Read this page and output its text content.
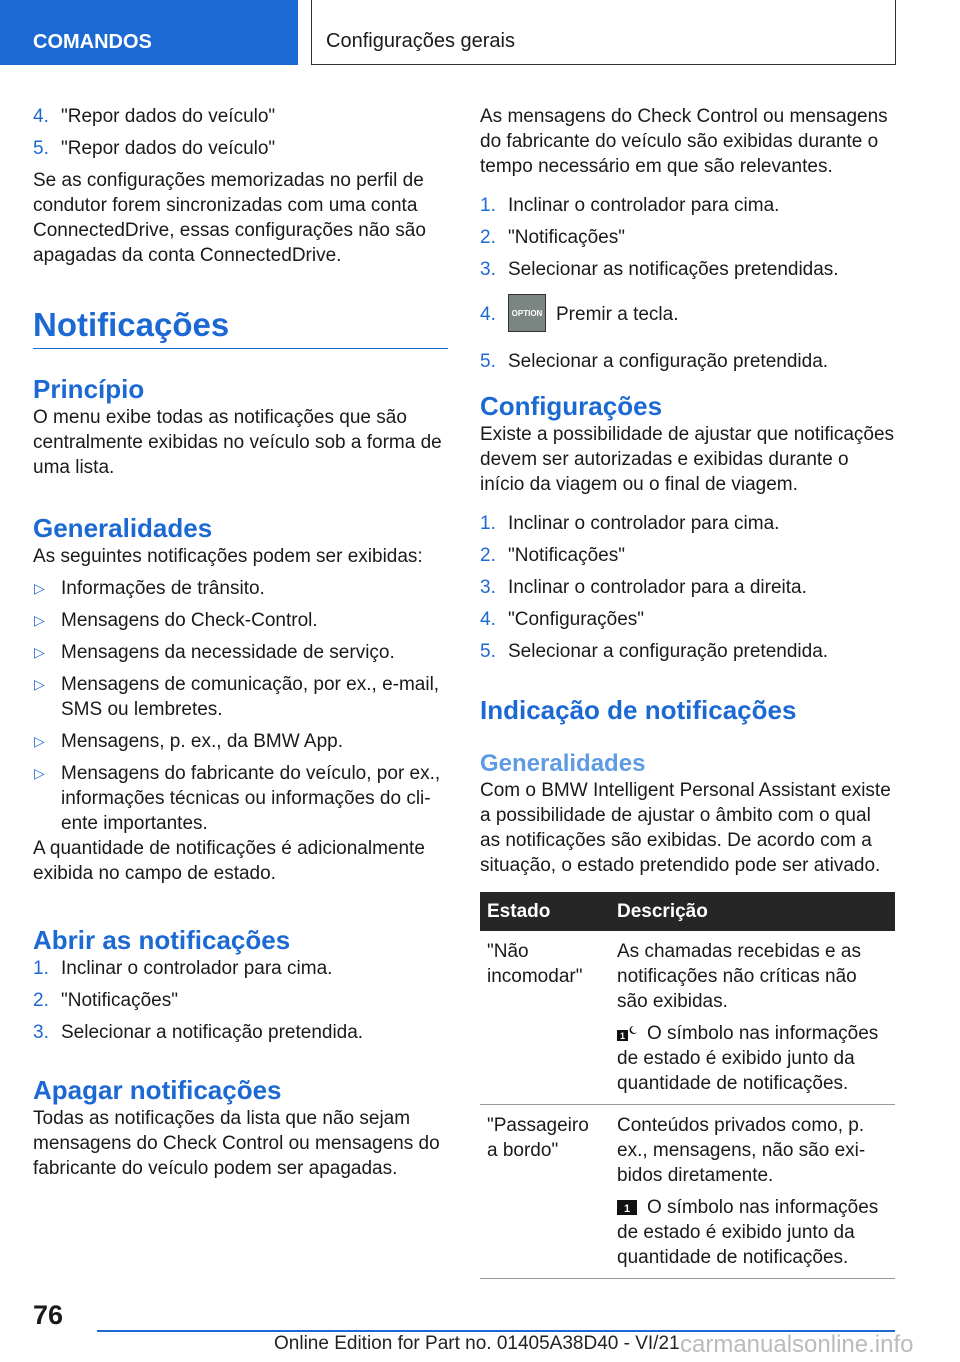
COMANDOS	Configurações gerais
4. "Repor dados do veículo"
5. "Repor dados do veículo"
Se as configurações memorizadas no perfil de condutor forem sincronizadas com uma conta ConnectedDrive, essas configurações não são apagadas da conta ConnectedDrive.
Notificações
Princípio
O menu exibe todas as notificações que são centralmente exibidas no veículo sob a forma de uma lista.
Generalidades
As seguintes notificações podem ser exibidas:
▷ Informações de trânsito.
▷ Mensagens do Check-Control.
▷ Mensagens da necessidade de serviço.
▷ Mensagens de comunicação, por ex., e-mail, SMS ou lembretes.
▷ Mensagens, p. ex., da BMW App.
▷ Mensagens do fabricante do veículo, por ex., informações técnicas ou informações do cliente importantes.
A quantidade de notificações é adicionalmente exibida no campo de estado.
Abrir as notificações
1. Inclinar o controlador para cima.
2. "Notificações"
3. Selecionar a notificação pretendida.
Apagar notificações
Todas as notificações da lista que não sejam mensagens do Check Control ou mensagens do fabricante do veículo podem ser apagadas.
As mensagens do Check Control ou mensagens do fabricante do veículo são exibidas durante o tempo necessário em que são relevantes.
1. Inclinar o controlador para cima.
2. "Notificações"
3. Selecionar as notificações pretendidas.
4. OPTION Premir a tecla.
5. Selecionar a configuração pretendida.
Configurações
Existe a possibilidade de ajustar que notificações devem ser autorizadas e exibidas durante o início da viagem ou o final de viagem.
1. Inclinar o controlador para cima.
2. "Notificações"
3. Inclinar o controlador para a direita.
4. "Configurações"
5. Selecionar a configuração pretendida.
Indicação de notificações
Generalidades
Com o BMW Intelligent Personal Assistant existe a possibilidade de ajustar o âmbito com o qual as notificações são exibidas. De acordo com a situação, o estado pretendido pode ser ativado.
Estado	Descrição
"Não incomodar"	As chamadas recebidas e as notificações não críticas não são exibidas.
1 O símbolo nas informações de estado é exibido junto da quantidade de notificações.

"Passageiro a bordo"	Conteúdos privados como, p. ex., mensagens, não são exibidos diretamente.
1 O símbolo nas informações de estado é exibido junto da quantidade de notificações.
76
Online Edition for Part no. 01405A38D40 - VI/21 carmanualsonline.info
